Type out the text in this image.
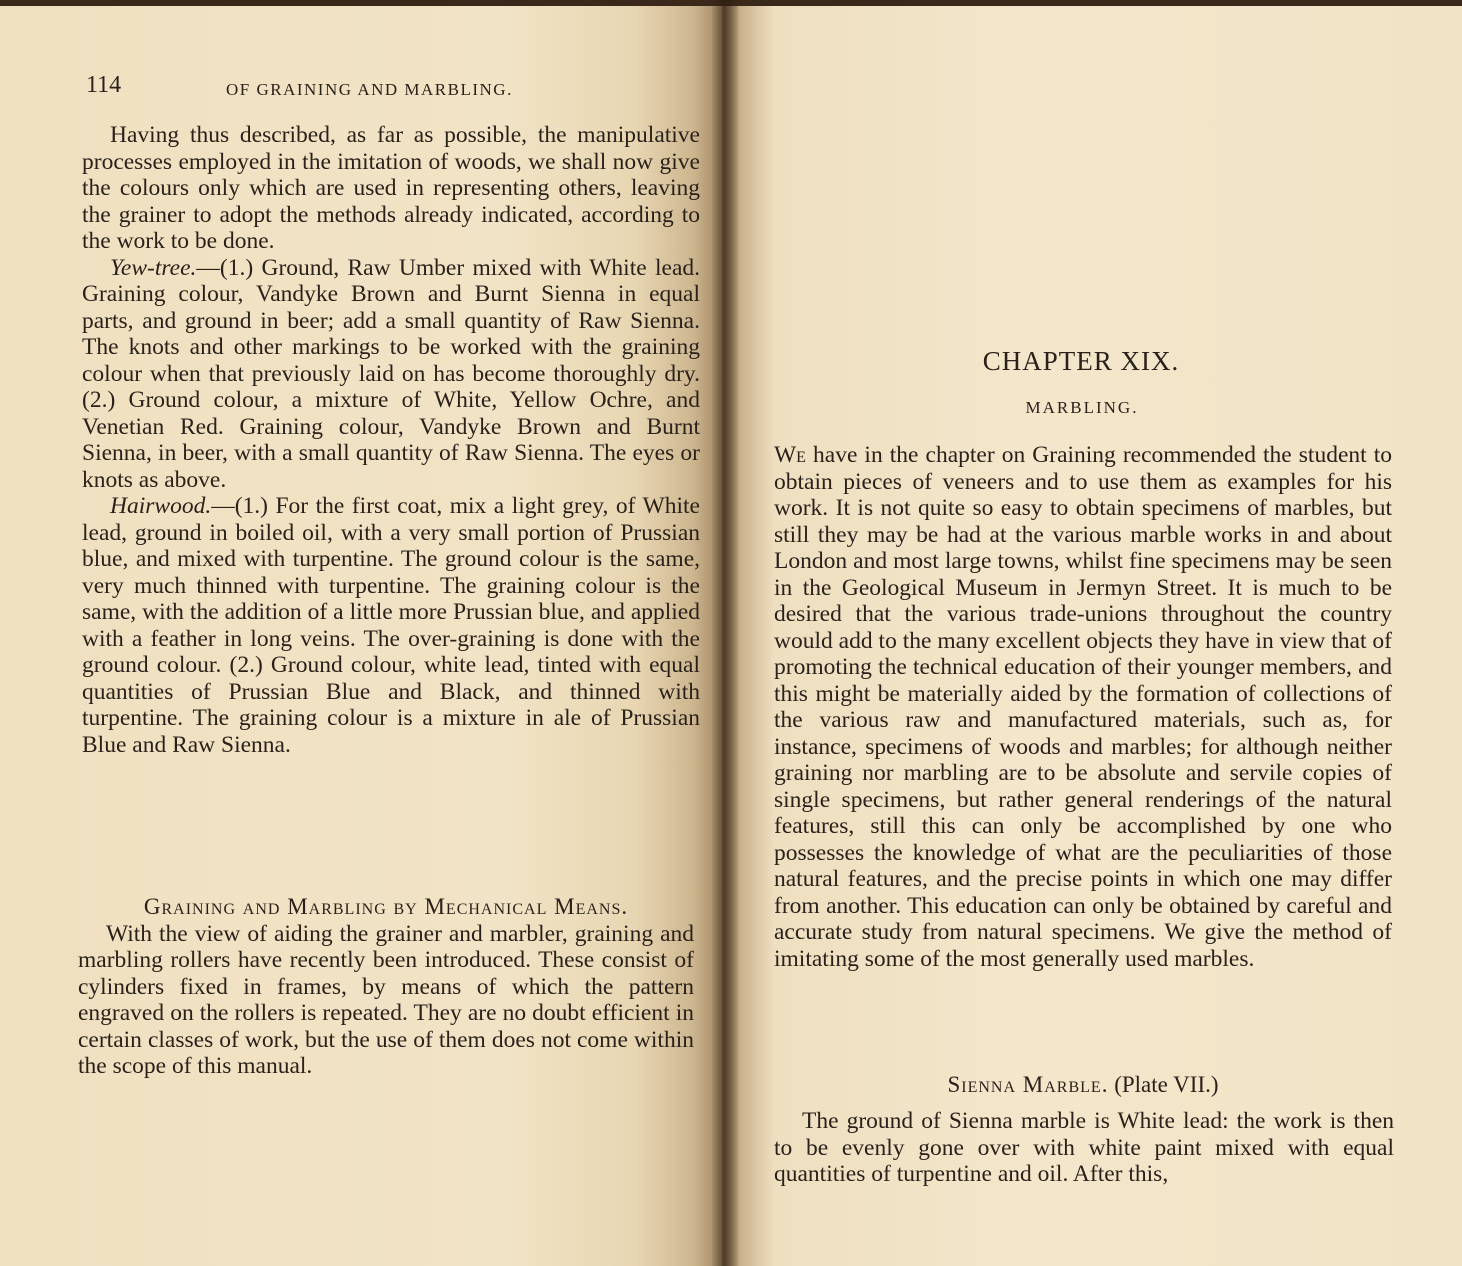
114	OF GRAINING AND MARBLING.

Having thus described, as far as possible, the manipulative processes employed in the imitation of woods, we shall now give the colours only which are used in representing others, leaving the grainer to adopt the methods already indicated, according to the work to be done.

Yew-tree.—(1.) Ground, Raw Umber mixed with White lead. Graining colour, Vandyke Brown and Burnt Sienna in equal parts, and ground in beer; add a small quantity of Raw Sienna. The knots and other markings to be worked with the graining colour when that previously laid on has become thoroughly dry. (2.) Ground colour, a mixture of White, Yellow Ochre, and Venetian Red. Graining colour, Vandyke Brown and Burnt Sienna, in beer, with a small quantity of Raw Sienna. The eyes or knots as above.

Hairwood.—(1.) For the first coat, mix a light grey, of White lead, ground in boiled oil, with a very small portion of Prussian blue, and mixed with turpentine. The ground colour is the same, very much thinned with turpentine. The graining colour is the same, with the addition of a little more Prussian blue, and applied with a feather in long veins. The over-graining is done with the ground colour. (2.) Ground colour, white lead, tinted with equal quantities of Prussian Blue and Black, and thinned with turpentine. The graining colour is a mixture in ale of Prussian Blue and Raw Sienna.

Graining and Marbling by Mechanical Means.

With the view of aiding the grainer and marbler, graining and marbling rollers have recently been introduced. These consist of cylinders fixed in frames, by means of which the pattern engraved on the rollers is repeated. They are no doubt efficient in certain classes of work, but the use of them does not come within the scope of this manual.

CHAPTER XIX.
MARBLING.

We have in the chapter on Graining recommended the student to obtain pieces of veneers and to use them as examples for his work. It is not quite so easy to obtain specimens of marbles, but still they may be had at the various marble works in and about London and most large towns, whilst fine specimens may be seen in the Geological Museum in Jermyn Street. It is much to be desired that the various trade-unions throughout the country would add to the many excellent objects they have in view that of promoting the technical education of their younger members, and this might be materially aided by the formation of collections of the various raw and manufactured materials, such as, for instance, specimens of woods and marbles; for although neither graining nor marbling are to be absolute and servile copies of single specimens, but rather general renderings of the natural features, still this can only be accomplished by one who possesses the knowledge of what are the peculiarities of those natural features, and the precise points in which one may differ from another. This education can only be obtained by careful and accurate study from natural specimens. We give the method of imitating some of the most generally used marbles.

Sienna Marble. (Plate VII.)

The ground of Sienna marble is White lead: the work is then to be evenly gone over with white paint mixed with equal quantities of turpentine and oil. After this,
